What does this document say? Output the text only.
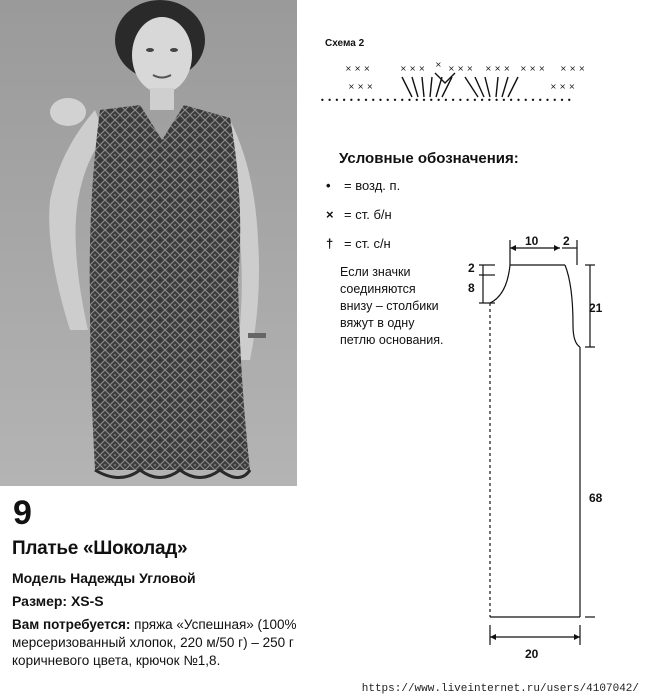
9
Платье «Шоколад»
Модель Надежды Угловой
Размер: XS-S

Вам потребуется: пряжа «Успешная» (100% мерсеризованный хлопок, 220 м/50 г) – 250 г коричневого цвета, крючок №1,8.

Схема 2
× × ×	× × × × × × × × × × × × × × × ×
× × ×	× × ×
• • • • • • • • • • • • • • • • • • • • • • • • • • • • • • • • • • •
Условные обозначения:
•	= возд. п.
× = ст. б/н
† = ст. с/н
Если значки соединяются внизу – столбики вяжут в одну петлю основания.
10 2
2
8
21
68
20
https://www.liveinternet.ru/users/4107042/
